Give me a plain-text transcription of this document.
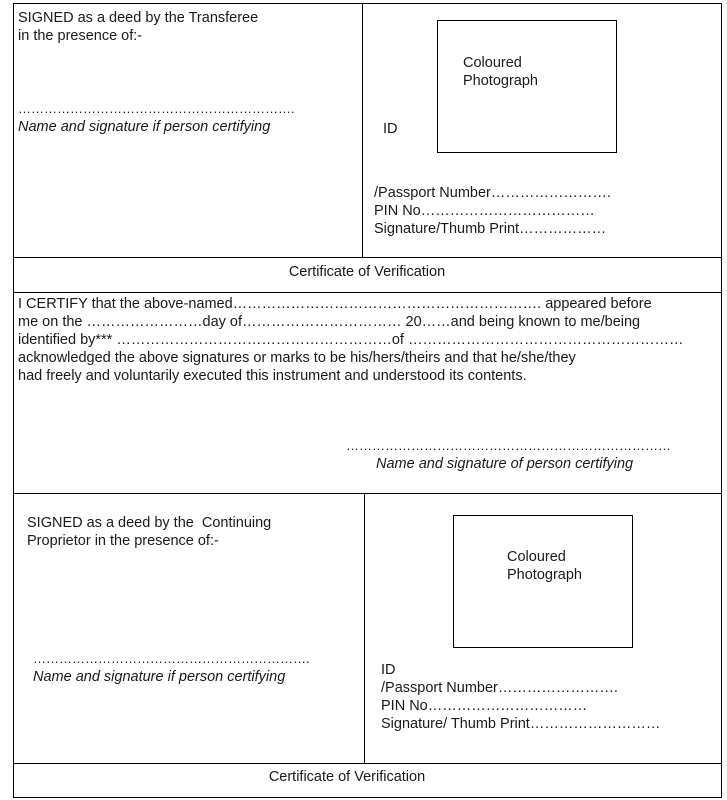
SIGNED as a deed by the Transferee
in the presence of:-
……………………………………………………….
Name and signature if person certifying
Coloured
Photograph
ID
/Passport Number…………………….
PIN No………………………………
Signature/Thumb Print………………
Certificate of Verification
I CERTIFY that the above-named………………………………………………………. appeared before
me on the ……………………day of…………………………… 20……and being known to me/being
identified by*** …………………………………………………of …………………………………………………
acknowledged the above signatures or marks to be his/hers/theirs and that he/she/they
had freely and voluntarily executed this instrument and understood its contents.
…………………………………………………………………
Name and signature of person certifying
SIGNED as a deed by the  Continuing
Proprietor in the presence of:-
……………………………………………………….
Name and signature if person certifying
Coloured
Photograph
ID
/Passport Number…………………….
PIN No……………………………
Signature/ Thumb Print………………………
Certificate of Verification
